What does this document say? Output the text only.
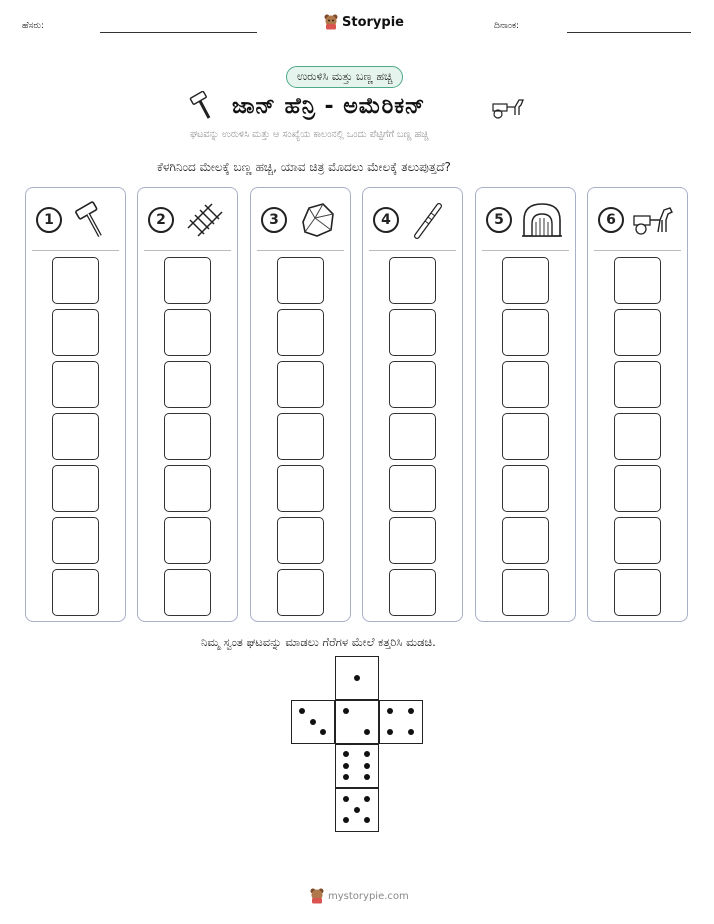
ಹೆಸರು:	Storypie	ದಿನಾಂಕ:
ಉರುಳಿಸಿ ಮತ್ತು ಬಣ್ಣ ಹಚ್ಚಿ
ಜಾನ್ ಹೆನ್ರಿ - ಅಮೆರಿಕನ್
ಘಟವನ್ನು ಉರುಳಿಸಿ ಮತ್ತು ಆ ಸಂಖ್ಯೆಯ ಕಾಲಂನಲ್ಲಿ ಒಂದು ಪೆಟ್ಟಿಗೆಗೆ ಬಣ್ಣ ಹಚ್ಚಿ
ಕೆಳಗಿನಿಂದ ಮೇಲಕ್ಕೆ ಬಣ್ಣ ಹಚ್ಚಿ, ಯಾವ ಚಿತ್ರ ಮೊದಲು ಮೇಲಕ್ಕೆ ತಲುಪುತ್ತದೆ?
1	2	3	4	5	6
ನಿಮ್ಮ ಸ್ವಂತ ಘಟವನ್ನು ಮಾಡಲು ಗೆರೆಗಳ ಮೇಲೆ ಕತ್ತರಿಸಿ ಮಡಚಿ.
mystorypie.com
